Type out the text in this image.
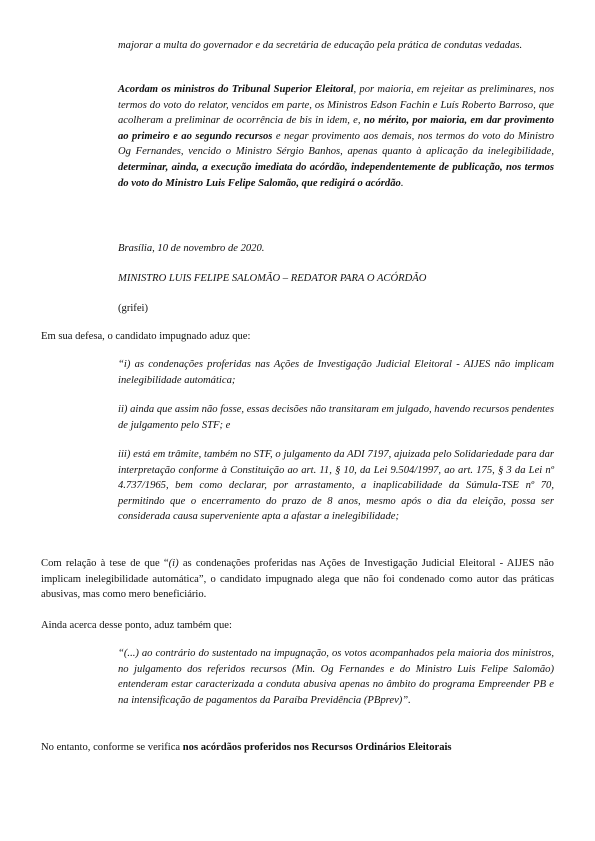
majorar a multa do governador e da secretária de educação pela prática de condutas vedadas.

Acordam os ministros do Tribunal Superior Eleitoral, por maioria, em rejeitar as preliminares, nos termos do voto do relator, vencidos em parte, os Ministros Edson Fachin e Luís Roberto Barroso, que acolheram a preliminar de ocorrência de bis in idem, e, no mérito, por maioria, em dar provimento ao primeiro e ao segundo recursos e negar provimento aos demais, nos termos do voto do Ministro Og Fernandes, vencido o Ministro Sérgio Banhos, apenas quanto à aplicação da inelegibilidade, determinar, ainda, a execução imediata do acórdão, independentemente de publicação, nos termos do voto do Ministro Luis Felipe Salomão, que redigirá o acórdão.

Brasília, 10 de novembro de 2020.

MINISTRO LUIS FELIPE SALOMÃO – REDATOR PARA O ACÓRDÃO

(grifei)

Em sua defesa, o candidato impugnado aduz que:

“i) as condenações proferidas nas Ações de Investigação Judicial Eleitoral - AIJES não implicam inelegibilidade automática;

ii) ainda que assim não fosse, essas decisões não transitaram em julgado, havendo recursos pendentes de julgamento pelo STF; e

iii) está em trâmite, também no STF, o julgamento da ADI 7197, ajuizada pelo Solidariedade para dar interpretação conforme à Constituição ao art. 11, § 10, da Lei 9.504/1997, ao art. 175, § 3 da Lei nº 4.737/1965, bem como declarar, por arrastamento, a inaplicabilidade da Súmula-TSE nº 70, permitindo que o encerramento do prazo de 8 anos, mesmo após o dia da eleição, possa ser considerada causa superveniente apta a afastar a inelegibilidade;

Com relação à tese de que “(i) as condenações proferidas nas Ações de Investigação Judicial Eleitoral - AIJES não implicam inelegibilidade automática”, o candidato impugnado alega que não foi condenado como autor das práticas abusivas, mas como mero beneficiário.

Ainda acerca desse ponto, aduz também que:

“(...) ao contrário do sustentado na impugnação, os votos acompanhados pela maioria dos ministros, no julgamento dos referidos recursos (Min. Og Fernandes e do Ministro Luis Felipe Salomão) entenderam estar caracterizada a conduta abusiva apenas no âmbito do programa Empreender PB e na intensificação de pagamentos da Paraíba Previdência (PBprev)”.

No entanto, conforme se verifica nos acórdãos proferidos nos Recursos Ordinários Eleitorais
